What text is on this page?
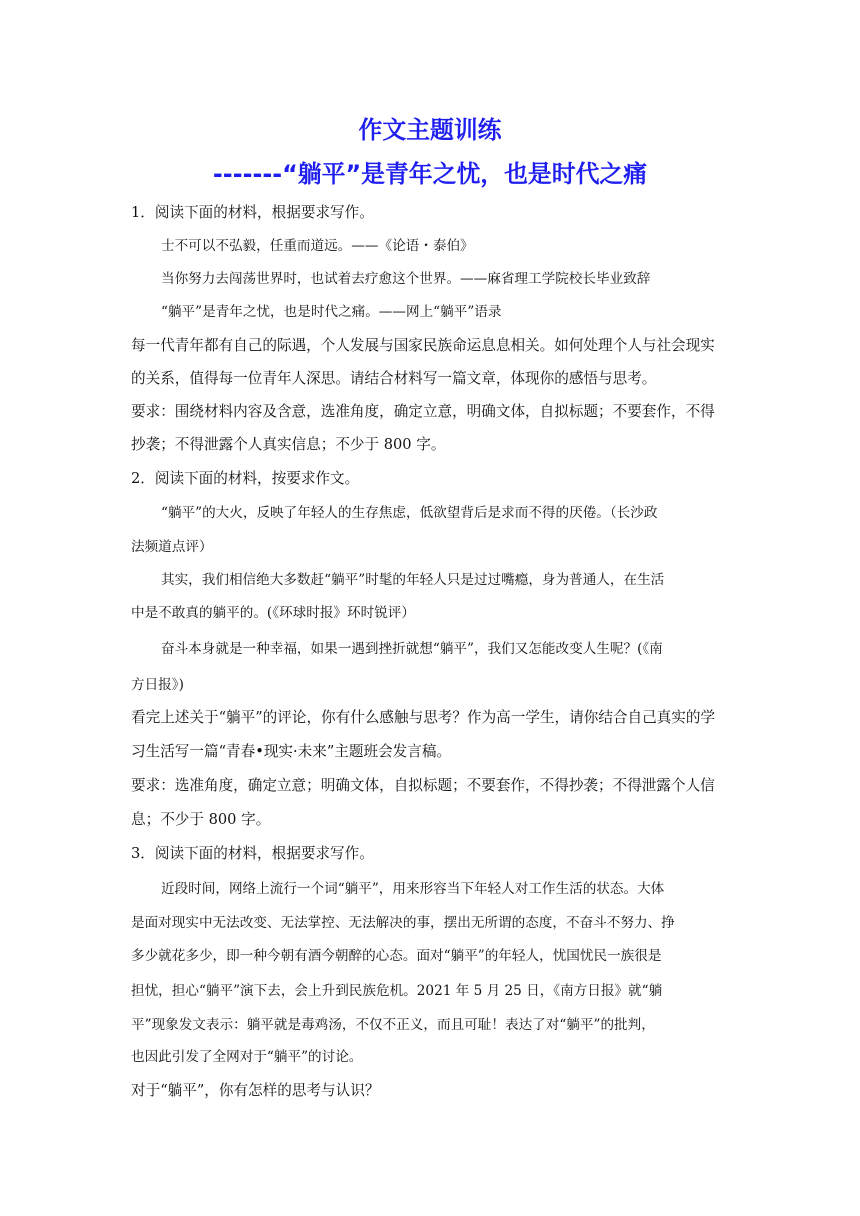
作文主题训练
-------“躺平”是青年之忧，也是时代之痛
1．阅读下面的材料，根据要求写作。
士不可以不弘毅，任重而道远。——《论语・泰伯》
当你努力去闯荡世界时，也试着去疗愈这个世界。——麻省理工学院校长毕业致辞
“躺平”是青年之忧，也是时代之痛。——网上“躺平”语录
每一代青年都有自己的际遇，个人发展与国家民族命运息息相关。如何处理个人与社会现实
的关系，值得每一位青年人深思。请结合材料写一篇文章，体现你的感悟与思考。
要求：围绕材料内容及含意，选准角度，确定立意，明确文体，自拟标题；不要套作，不得
抄袭；不得泄露个人真实信息；不少于 800 字。
2．阅读下面的材料，按要求作文。
“躺平”的大火，反映了年轻人的生存焦虑，低欲望背后是求而不得的厌倦。（长沙政
法频道点评）
其实，我们相信绝大多数赶“躺平”时髦的年轻人只是过过嘴瘾，身为普通人，在生活
中是不敢真的躺平的。(《环球时报》环时锐评）
奋斗本身就是一种幸福，如果一遇到挫折就想“躺平”，我们又怎能改变人生呢？(《南
方日报》)
看完上述关于“躺平”的评论，你有什么感触与思考？作为高一学生，请你结合自己真实的学
习生活写一篇“青春•现实·未来”主题班会发言稿。
要求：选准角度，确定立意；明确文体，自拟标题；不要套作，不得抄袭；不得泄露个人信
息；不少于 800 字。
3．阅读下面的材料，根据要求写作。
近段时间，网络上流行一个词“躺平”，用来形容当下年轻人对工作生活的状态。大体
是面对现实中无法改变、无法掌控、无法解决的事，摆出无所谓的态度，不奋斗不努力、挣
多少就花多少，即一种今朝有酒今朝醉的心态。面对“躺平”的年轻人，忧国忧民一族很是
担忧，担心“躺平”演下去，会上升到民族危机。2021 年 5 月 25 日，《南方日报》就“躺
平”现象发文表示：躺平就是毒鸡汤，不仅不正义，而且可耻！表达了对“躺平”的批判，
也因此引发了全网对于“躺平”的讨论。
对于“躺平”，你有怎样的思考与认识？
